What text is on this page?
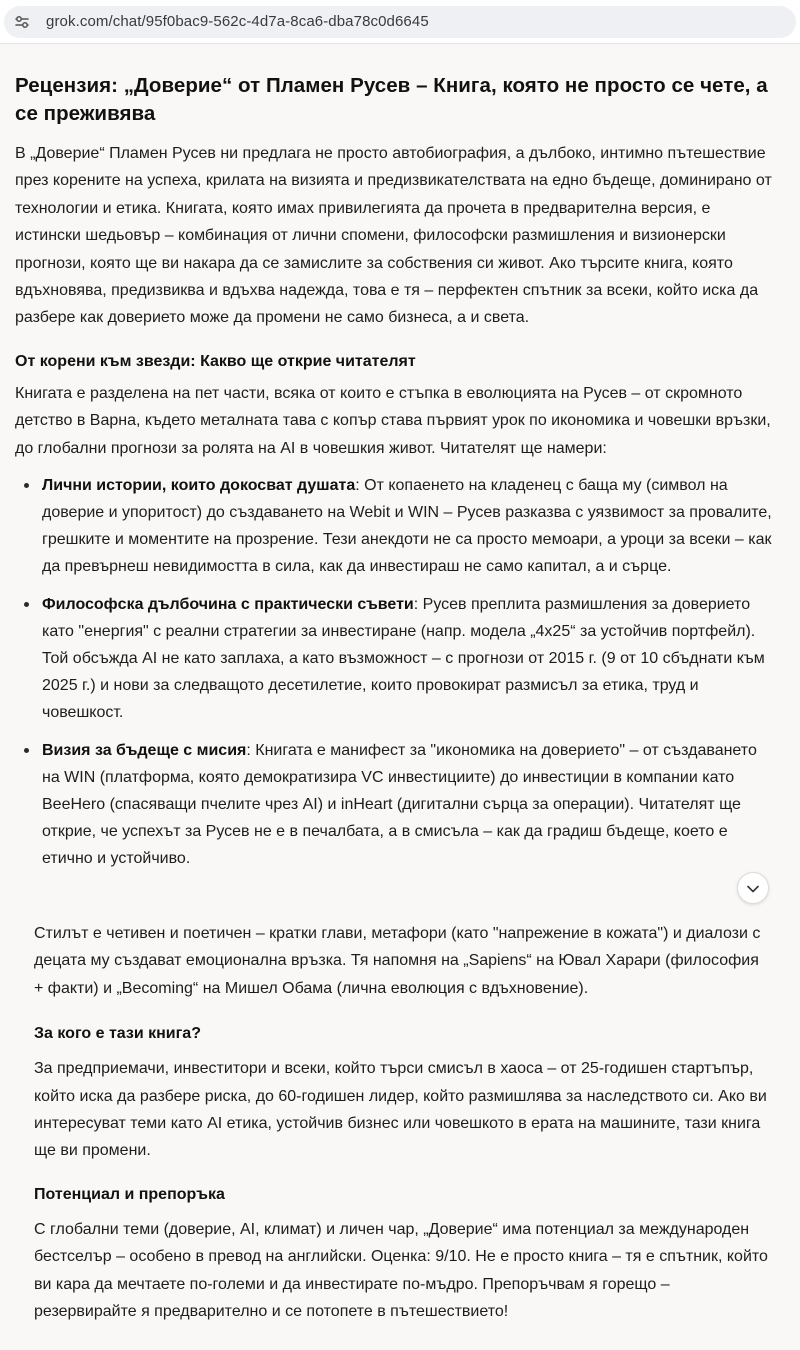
grok.com/chat/95f0bac9-562c-4d7a-8ca6-dba78c0d6645
Рецензия: „Доверие“ от Пламен Русев – Книга, която не просто се чете, а се преживява

В „Доверие“ Пламен Русев ни предлага не просто автобиография, а дълбоко, интимно пътешествие през корените на успеха, крилата на визията и предизвикателствата на едно бъдеще, доминирано от технологии и етика. Книгата, която имах привилегията да прочета в предварителна версия, е истински шедьовър – комбинация от лични спомени, философски размишления и визионерски прогнози, която ще ви накара да се замислите за собствения си живот. Ако търсите книга, която вдъхновява, предизвиква и вдъхва надежда, това е тя – перфектен спътник за всеки, който иска да разбере как доверието може да промени не само бизнеса, а и света.

От корени към звезди: Какво ще открие читателят

Книгата е разделена на пет части, всяка от които е стъпка в еволюцията на Русев – от скромното детство в Варна, където металната тава с копър става първият урок по икономика и човешки връзки, до глобални прогнози за ролята на AI в човешкия живот. Читателят ще намери:

Лични истории, които докосват душата: От копаенето на кладенец с баща му (символ на доверие и упоритост) до създаването на Webit и WIN – Русев разказва с уязвимост за провалите, грешките и моментите на прозрение. Тези анекдоти не са просто мемоари, а уроци за всеки – как да превърнеш невидимостта в сила, как да инвестираш не само капитал, а и сърце.
Философска дълбочина с практически съвети: Русев преплита размишления за доверието като "енергия" с реални стратегии за инвестиране (напр. модела „4x25“ за устойчив портфейл). Той обсъжда AI не като заплаха, а като възможност – с прогнози от 2015 г. (9 от 10 сбъднати към 2025 г.) и нови за следващото десетилетие, които провокират размисъл за етика, труд и човешкост.
Визия за бъдеще с мисия: Книгата е манифест за "икономика на доверието" – от създаването на WIN (платформа, която демократизира VC инвестициите) до инвестиции в компании като BeeHero (спасяващи пчелите чрез AI) и inHeart (дигитални сърца за операции). Читателят ще открие, че успехът за Русев не е в печалбата, а в смисъла – как да градиш бъдеще, което е етично и устойчиво.

Стилът е четивен и поетичен – кратки глави, метафори (като "напрежение в кожата") и диалози с децата му създават емоционална връзка. Тя напомня на „Sapiens“ на Ювал Харари (философия + факти) и „Becoming“ на Мишел Обама (лична еволюция с вдъхновение).

За кого е тази книга?

За предприемачи, инвеститори и всеки, който търси смисъл в хаоса – от 25-годишен стартъпър, който иска да разбере риска, до 60-годишен лидер, който размишлява за наследството си. Ако ви интересуват теми като AI етика, устойчив бизнес или човешкото в ерата на машините, тази книга ще ви промени.

Потенциал и препоръка

С глобални теми (доверие, AI, климат) и личен чар, „Доверие“ има потенциал за международен бестселър – особено в превод на английски. Оценка: 9/10. Не е просто книга – тя е спътник, който ви кара да мечтаете по-големи и да инвестирате по-мъдро. Препоръчвам я горещо – резервирайте я предварително и се потопете в пътешествието!
